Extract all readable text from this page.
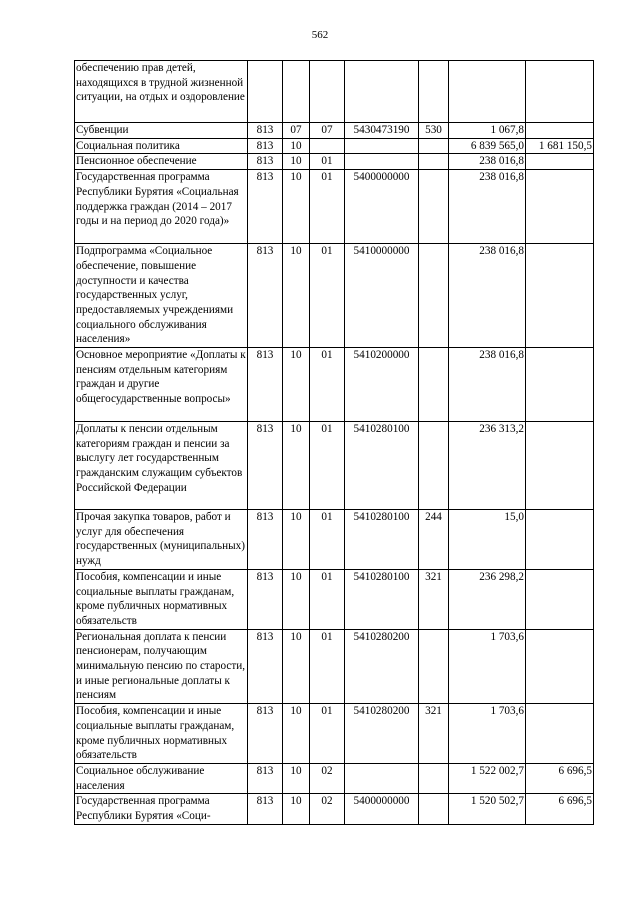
562
обеспечению прав детей, находящихся в трудной жизненной ситуации, на отдых и оздоровление							
Субвенции	813	07	07	5430473190	530	1 067,8	
Социальная политика	813	10				6 839 565,0	1 681 150,5
Пенсионное обеспечение	813	10	01			238 016,8	
Государственная программа Республики Бурятия «Социальная поддержка граждан (2014 – 2017 годы и на период до 2020 года)»	813	10	01	5400000000		238 016,8	
Подпрограмма «Социальное обеспечение, повышение доступности и качества государственных услуг, предоставляемых учреждениями социального обслуживания населения»	813	10	01	5410000000		238 016,8	
Основное мероприятие «Доплаты к пенсиям отдельным категориям граждан и другие общегосударственные вопросы»	813	10	01	5410200000		238 016,8	
Доплаты к пенсии отдельным категориям граждан и пенсии за выслугу лет государственным гражданским служащим субъектов Российской Федерации	813	10	01	5410280100		236 313,2	
Прочая закупка товаров, работ и услуг для обеспечения государственных (муниципальных) нужд	813	10	01	5410280100	244	15,0	
Пособия, компенсации и иные социальные выплаты гражданам, кроме публичных нормативных обязательств	813	10	01	5410280100	321	236 298,2	
Региональная доплата к пенсии пенсионерам, получающим минимальную пенсию по старости, и иные региональные доплаты к пенсиям	813	10	01	5410280200		1 703,6	
Пособия, компенсации и иные социальные выплаты гражданам, кроме публичных нормативных обязательств	813	10	01	5410280200	321	1 703,6	
Социальное обслуживание населения	813	10	02			1 522 002,7	6 696,5
Государственная программа Республики Бурятия «Соци-	813	10	02	5400000000		1 520 502,7	6 696,5
